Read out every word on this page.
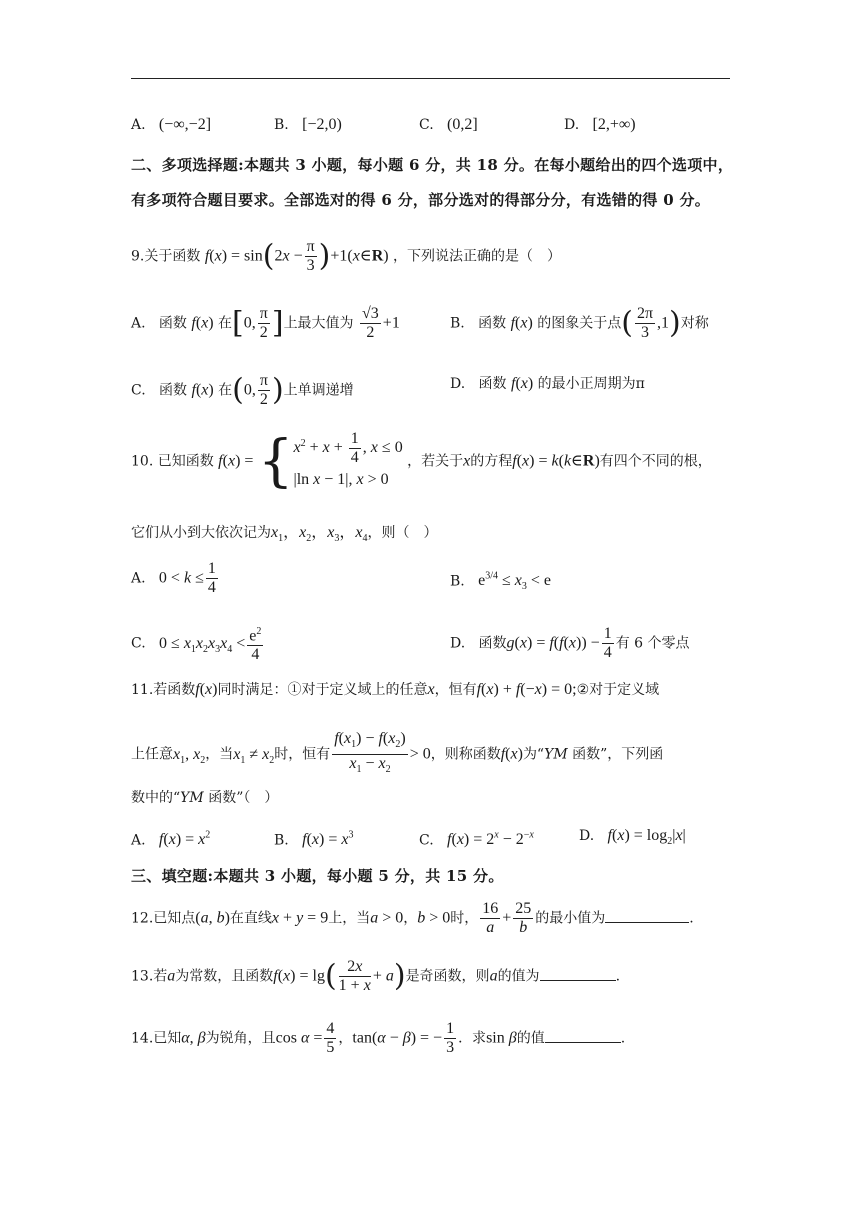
A. (−∞,−2]	B. [−2,0)	C. (0,2]	D. [2,+∞)
二、多项选择题:本题共 3 小题，每小题 6 分，共 18 分。在每小题给出的四个选项中，
有多项符合题目要求。全部选对的得 6 分，部分选对的得部分分，有选错的得 0 分。
9.关于函数 $f(x) = \sin(2x - \frac{\pi}{3}$ )+1(x∈R) ，下列说法正确的是（　）
A. 函数 f(x) 在[0, $\frac{\pi}{2}$ ]上最大值为 $\frac{√3}{2} +1$	B. 函数 f(x) 的图象关于点( $\frac{2\pi}{3} ,1$)对称
C. 函数 f(x) 在(0, $\frac{\pi}{2}$ )上单调递增	D. 函数 f(x) 的最小正周期为π
10. 已知函数 f(x) = { $x^2 + x + \frac{1}{4}$ , x ≤ 0
|ln x − 1|, x > 0
，若关于x的方程f(x) = k(k∈R)有四个不同的根，
它们从小到大依次记为$x_1$，$x_2$，$x_3$，$x_4$，则（　）
A. $0 < k \le \frac{1}{4}$	B. $e^{3/4} \le x_3 < e$
C. $0 \le x_1x_2x_3x_4 < \frac{e^2}{4}$	D. 函数$g(x) = f(f(x)) - \frac{1}{4}$ 有 6 个零点
11.若函数f(x)同时满足：①对于定义域上的任意x，恒有f(x) + f(−x) = 0;②对于定义域
上任意$x_1$, $x_2$，当$x_1 \ne x_2$时，恒有 $\frac{f(x_1) - f(x_2)}{x_1 - x_2} > 0$，则称函数f(x)为“YM 函数”，下列函
数中的“YM 函数”（　）
A. $f(x) = x^2$	B. $f(x) = x^3$	C. $f(x) = 2^x - 2^{-x}$	D. $f(x) = \log_2|x|$
三、填空题:本题共 3 小题，每小题 5 分，共 15 分。
12.已知点(a, b)在直线x + y = 9上，当a > 0，b > 0时， $\frac{16}{a} + \frac{25}{b}$ 的最小值为	.
13.若a为常数，且函数$f(x) = \lg( \frac{2x}{1 + x} + a)$是奇函数，则a的值为	.
14.已知α, β为锐角，且$\cos \alpha = \frac{4}{5}$ ，tan(α − β) = − $\frac{1}{3}$ ．求sin β的值	.
